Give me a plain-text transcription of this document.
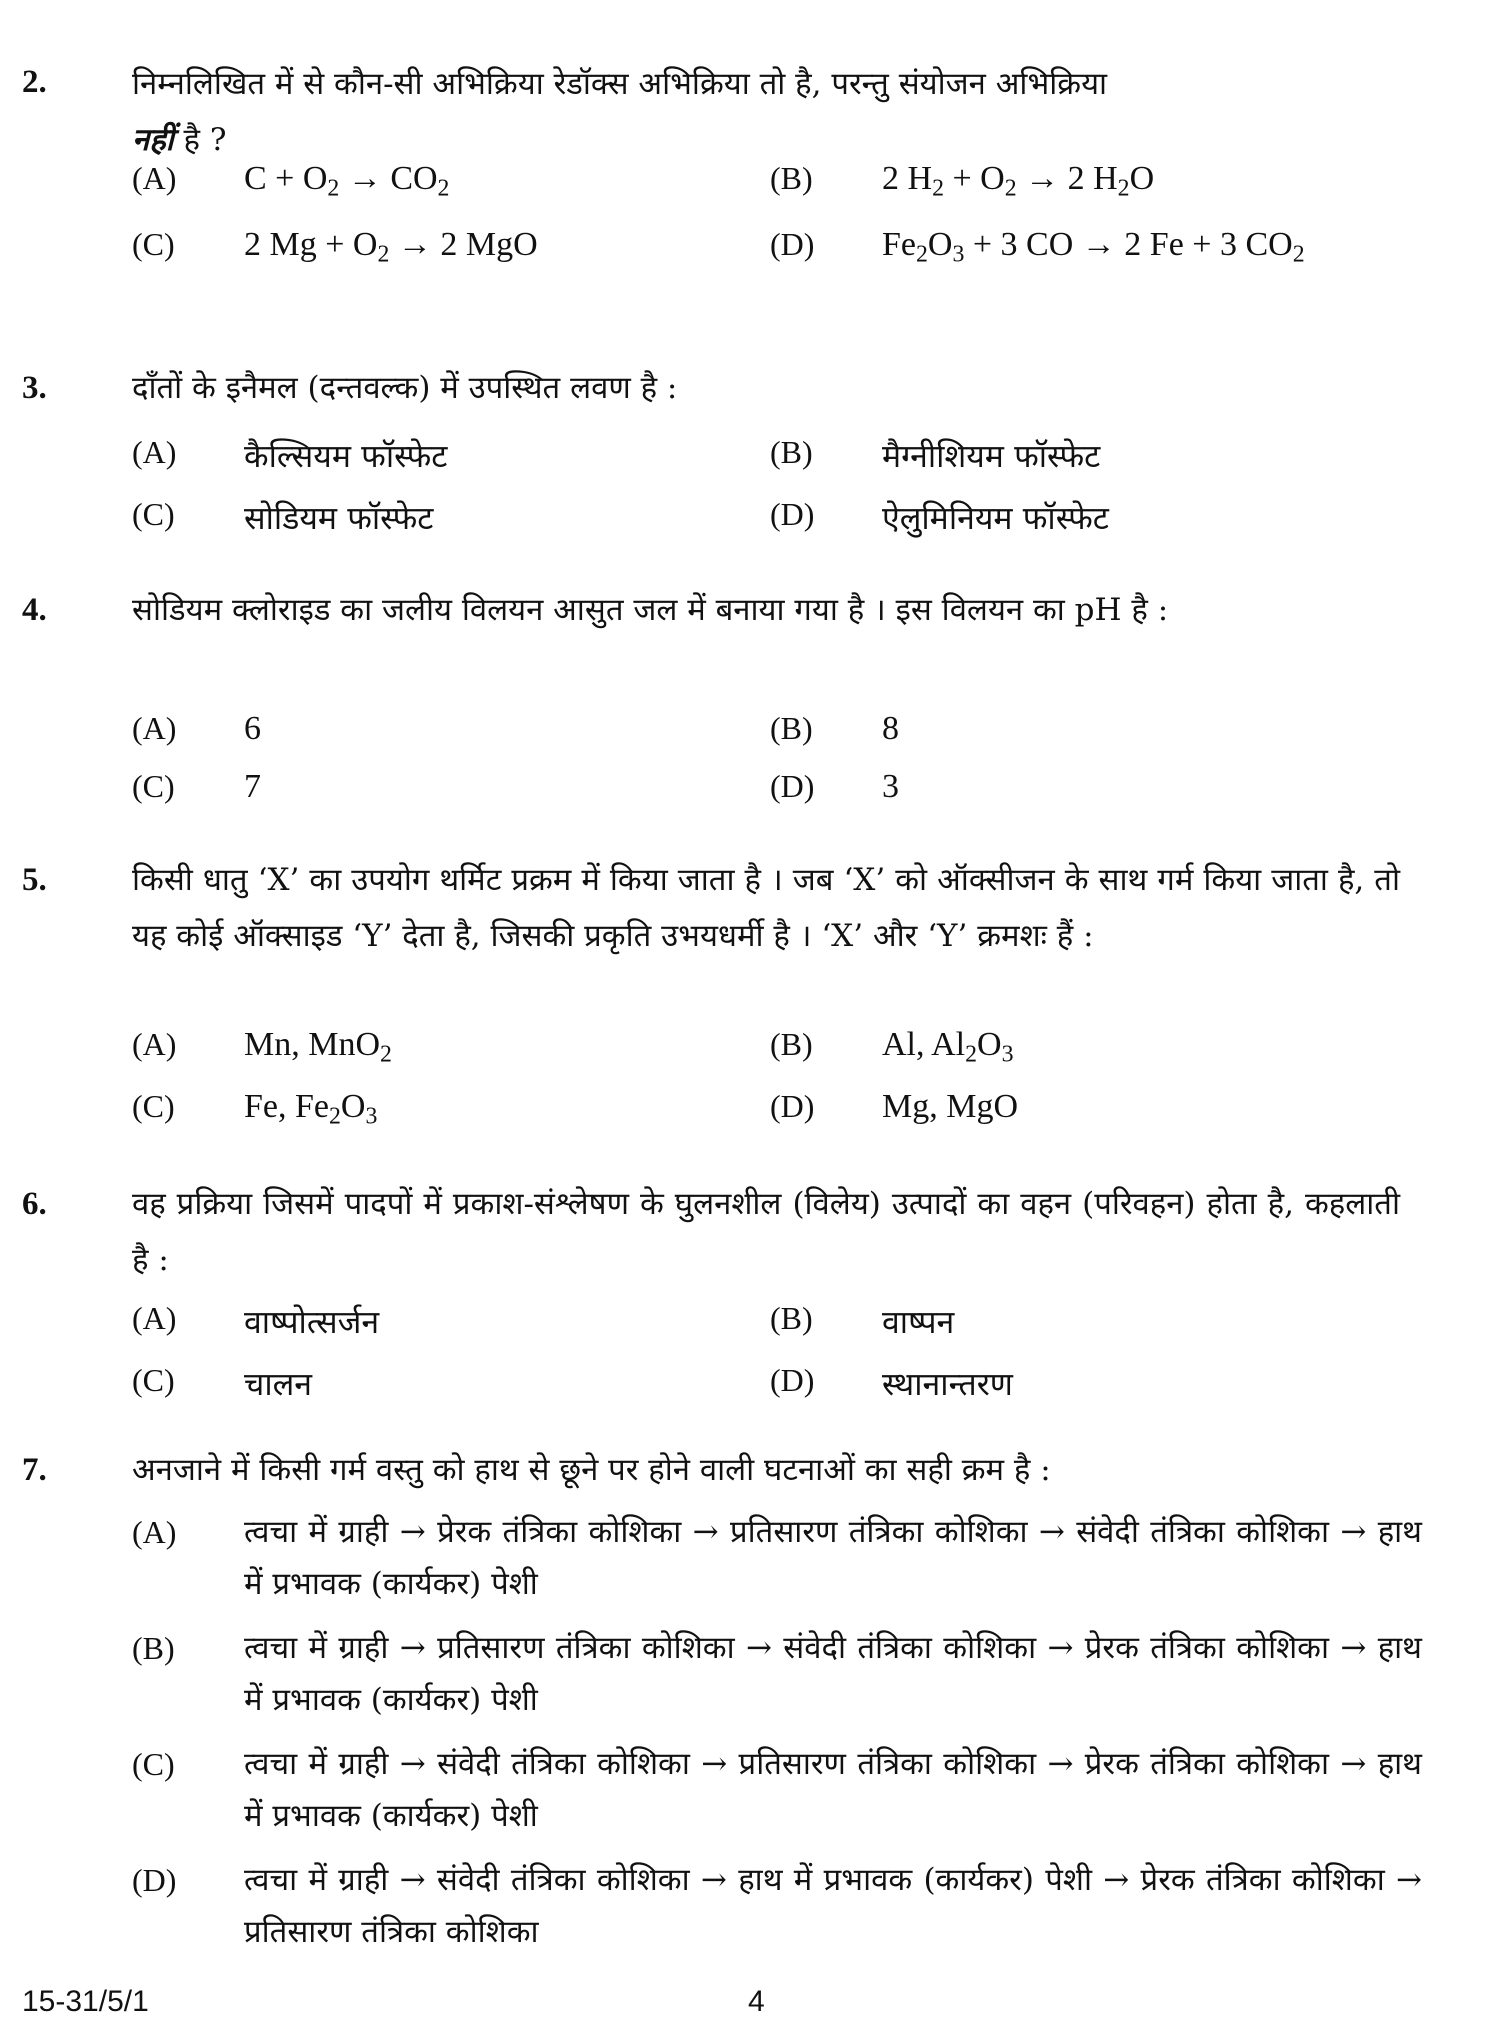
2.	निम्नलिखित में से कौन-सी अभिक्रिया रेडॉक्स अभिक्रिया तो है, परन्तु संयोजन अभिक्रिया
नहीं है ?
(A) $C + O_2 \to CO_2$	(B) 2 $H_2 + O_2 \to 2$ $H_2O$
(C) 2 $Mg + O_2 \to 2$ MgO	(D) $Fe_2O_3 + 3$ CO → 2 Fe + 3 $CO_2$
3.	दाँतों के इनैमल (दन्तवल्क) में उपस्थित लवण है :
(A) कैल्सियम फॉस्फेट	(B) मैग्नीशियम फॉस्फेट
(C) सोडियम फॉस्फेट	(D) ऐलुमिनियम फॉस्फेट
4.	सोडियम क्लोराइड का जलीय विलयन आसुत जल में बनाया गया है । इस विलयन का pH है :
(A) 6	(B) 8
(C) 7	(D) 3
5.	किसी धातु ‘X’ का उपयोग थर्मिट प्रक्रम में किया जाता है । जब ‘X’ को ऑक्सीजन के साथ गर्म किया जाता है, तो यह कोई ऑक्साइड ‘Y’ देता है, जिसकी प्रकृति उभयधर्मी है । ‘X’ और ‘Y’ क्रमशः हैं :
(A) Mn, MnO$_2$	(B) Al, $Al_2O_3$
(C) Fe, $Fe_2O_3$	(D) Mg, MgO
6.	वह प्रक्रिया जिसमें पादपों में प्रकाश-संश्लेषण के घुलनशील (विलेय) उत्पादों का वहन (परिवहन) होता है, कहलाती है :
(A) वाष्पोत्सर्जन	(B) वाष्पन
(C) चालन	(D) स्थानान्तरण
7.	अनजाने में किसी गर्म वस्तु को हाथ से छूने पर होने वाली घटनाओं का सही क्रम है :
(A) त्वचा में ग्राही → प्रेरक तंत्रिका कोशिका → प्रतिसारण तंत्रिका कोशिका → संवेदी तंत्रिका कोशिका → हाथ में प्रभावक (कार्यकर) पेशी
(B) त्वचा में ग्राही → प्रतिसारण तंत्रिका कोशिका → संवेदी तंत्रिका कोशिका → प्रेरक तंत्रिका कोशिका → हाथ में प्रभावक (कार्यकर) पेशी
(C) त्वचा में ग्राही → संवेदी तंत्रिका कोशिका → प्रतिसारण तंत्रिका कोशिका → प्रेरक तंत्रिका कोशिका → हाथ में प्रभावक (कार्यकर) पेशी
(D) त्वचा में ग्राही → संवेदी तंत्रिका कोशिका → हाथ में प्रभावक (कार्यकर) पेशी → प्रेरक तंत्रिका कोशिका → प्रतिसारण तंत्रिका कोशिका
15-31/5/1	4
